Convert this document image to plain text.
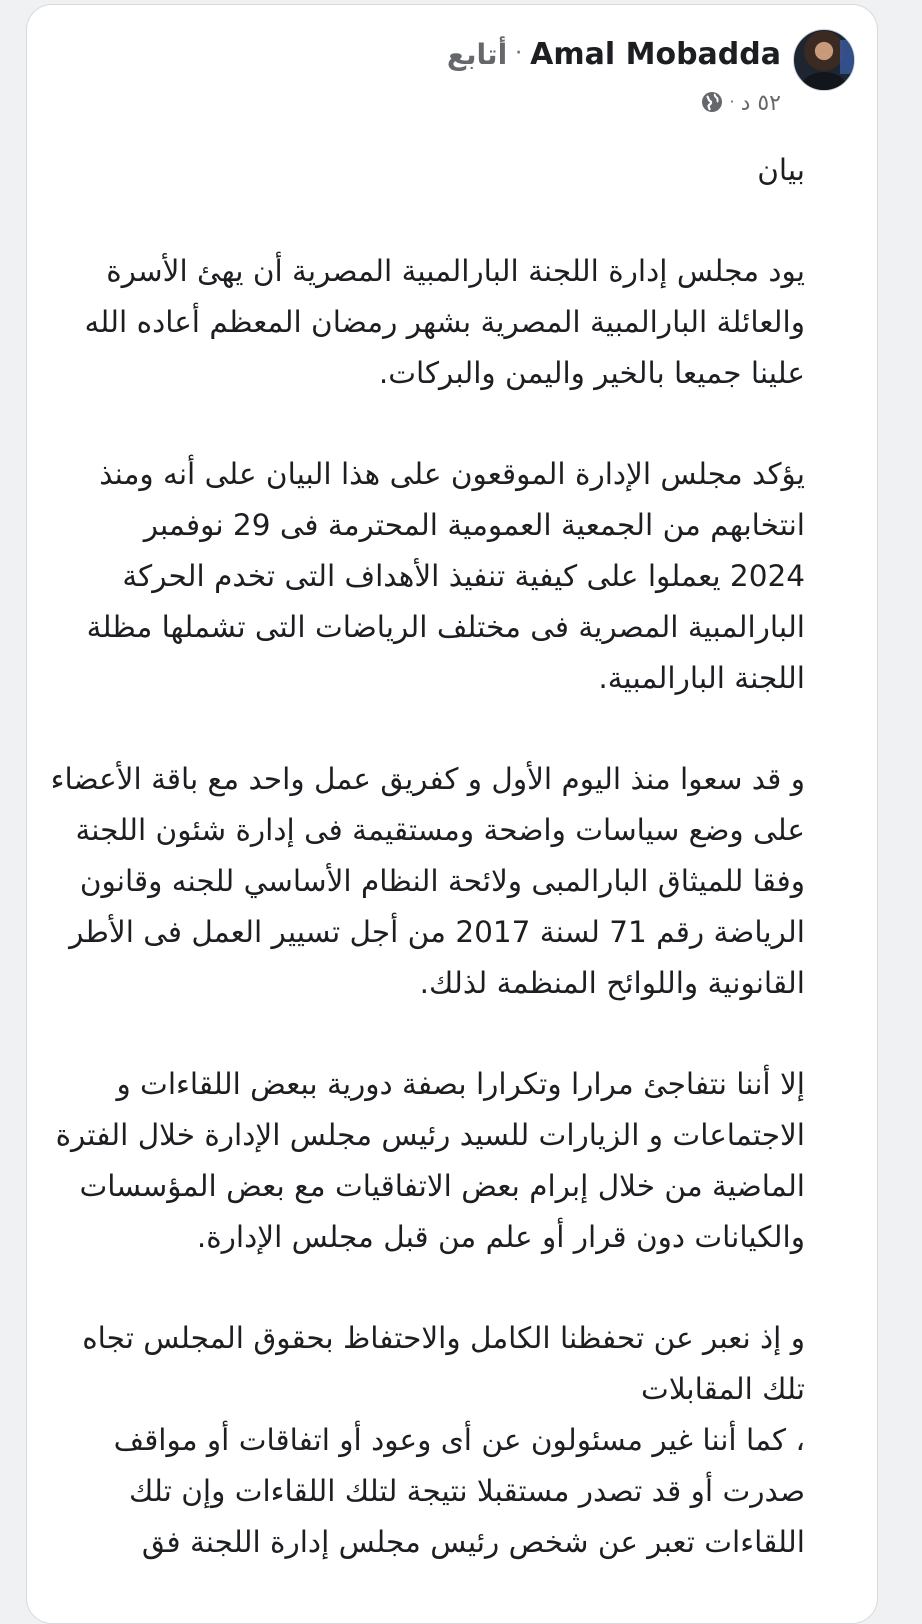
Amal Mobadda·أتابع
٥٢ د·

بيان

يود مجلس إدارة اللجنة البارالمبية المصرية أن يهئ الأسرة
والعائلة البارالمبية المصرية بشهر رمضان المعظم أعاده الله
علينا جميعا بالخير واليمن والبركات.

يؤكد مجلس الإدارة الموقعون على هذا البيان على أنه ومنذ
انتخابهم من الجمعية العمومية المحترمة فى 29 نوفمبر
2024 يعملوا على كيفية تنفيذ الأهداف التى تخدم الحركة
البارالمبية المصرية فى مختلف الرياضات التى تشملها مظلة
اللجنة البارالمبية.

و قد سعوا منذ اليوم الأول و كفريق عمل واحد مع باقة الأعضاء
على وضع سياسات واضحة ومستقيمة فى إدارة شئون اللجنة
وفقا للميثاق البارالمبى ولائحة النظام الأساسي للجنه وقانون
الرياضة رقم 71 لسنة 2017 من أجل تسيير العمل فى الأطر
القانونية واللوائح المنظمة لذلك.

إلا أننا نتفاجئ مرارا وتكرارا بصفة دورية ببعض اللقاءات و
الاجتماعات و الزيارات للسيد رئيس مجلس الإدارة خلال الفترة
الماضية من خلال إبرام بعض الاتفاقيات مع بعض المؤسسات
والكيانات دون قرار أو علم من قبل مجلس الإدارة.

و إذ نعبر عن تحفظنا الكامل والاحتفاظ بحقوق المجلس تجاه
تلك المقابلات

، كما أننا غير مسئولون عن أى وعود أو اتفاقات أو مواقف
صدرت أو قد تصدر مستقبلا نتيجة لتلك اللقاءات وإن تلك
اللقاءات تعبر عن شخص رئيس مجلس إدارة اللجنة فق
